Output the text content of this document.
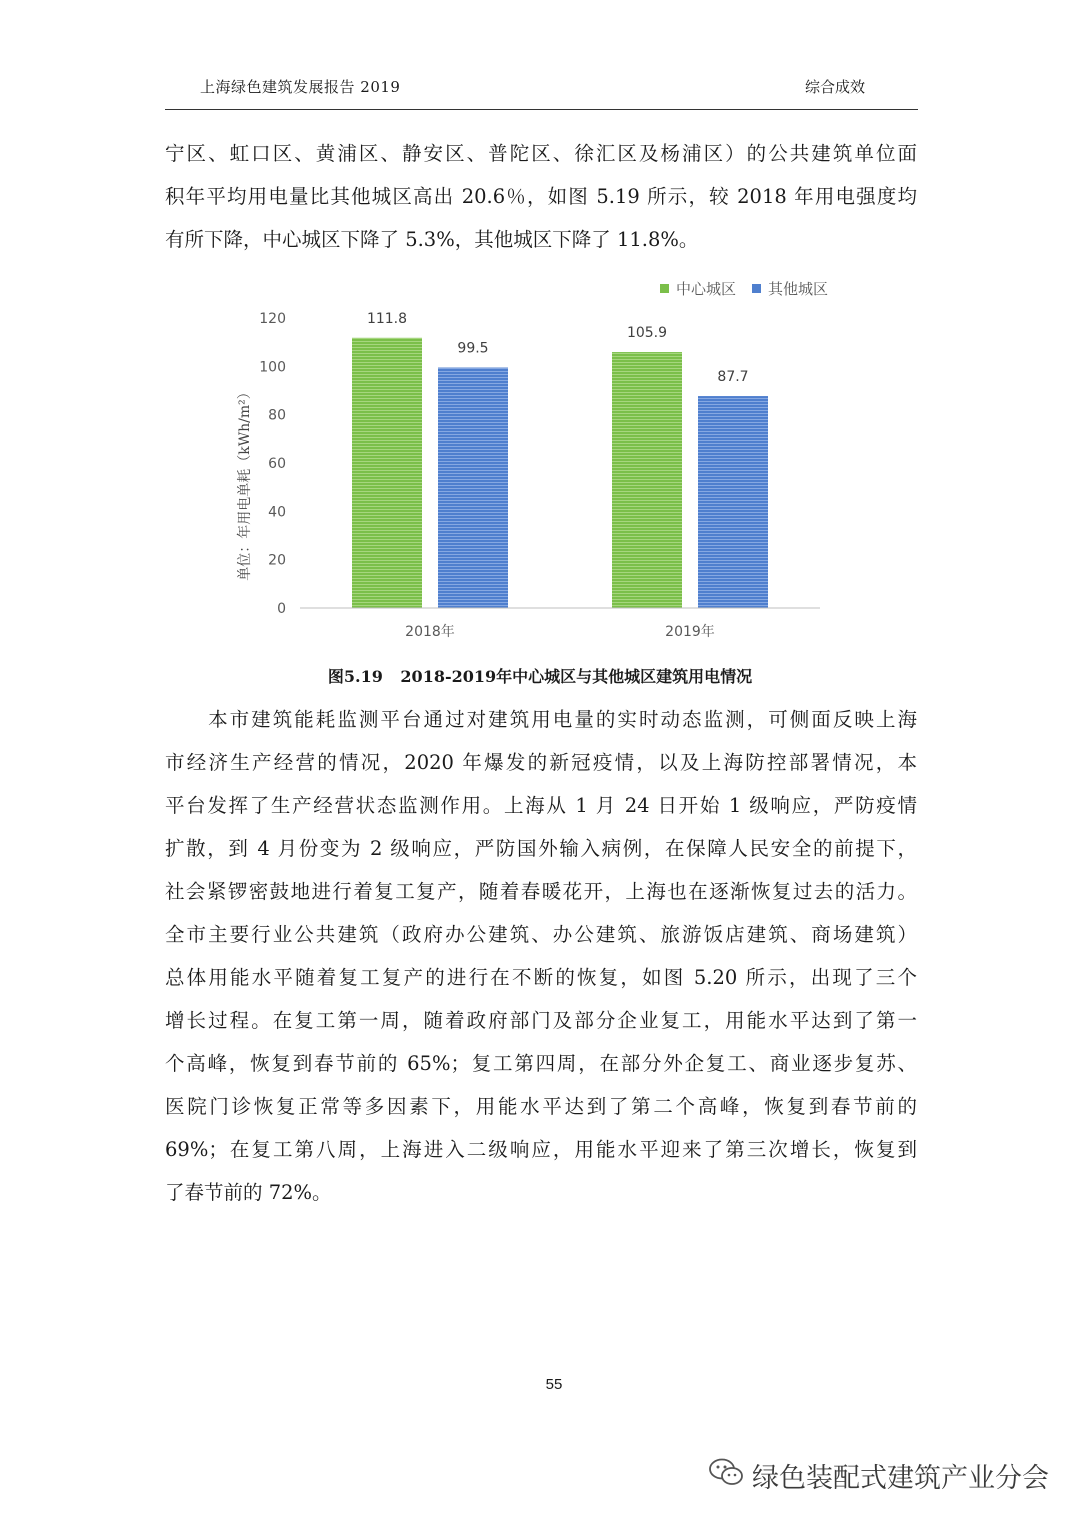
上海绿色建筑发展报告 2019	综合成效
宁区、虹口区、黄浦区、静安区、普陀区、徐汇区及杨浦区）的公共建筑单位面
积年平均用电量比其他城区高出 20.6％，如图 5.19 所示，较 2018 年用电强度均
有所下降，中心城区下降了 5.3%，其他城区下降了 11.8%。
中心城区 其他城区
0
20
40
60
80
100
120	111.8
99.5
105.9
87.7
2018年	2019年
单位：年用电单耗（kWh/m²）
图5.19 2018-2019年中心城区与其他城区建筑用电情况
　　本市建筑能耗监测平台通过对建筑用电量的实时动态监测，可侧面反映上海
市经济生产经营的情况，2020 年爆发的新冠疫情，以及上海防控部署情况，本
平台发挥了生产经营状态监测作用。上海从 1 月 24 日开始 1 级响应，严防疫情
扩散，到 4 月份变为 2 级响应，严防国外输入病例，在保障人民安全的前提下，
社会紧锣密鼓地进行着复工复产，随着春暖花开，上海也在逐渐恢复过去的活力。
全市主要行业公共建筑（政府办公建筑、办公建筑、旅游饭店建筑、商场建筑）
总体用能水平随着复工复产的进行在不断的恢复，如图 5.20 所示，出现了三个
增长过程。在复工第一周，随着政府部门及部分企业复工，用能水平达到了第一
个高峰，恢复到春节前的 65%；复工第四周，在部分外企复工、商业逐步复苏、
医院门诊恢复正常等多因素下，用能水平达到了第二个高峰，恢复到春节前的
69%；在复工第八周，上海进入二级响应，用能水平迎来了第三次增长，恢复到
了春节前的 72%。
55
绿色装配式建筑产业分会
